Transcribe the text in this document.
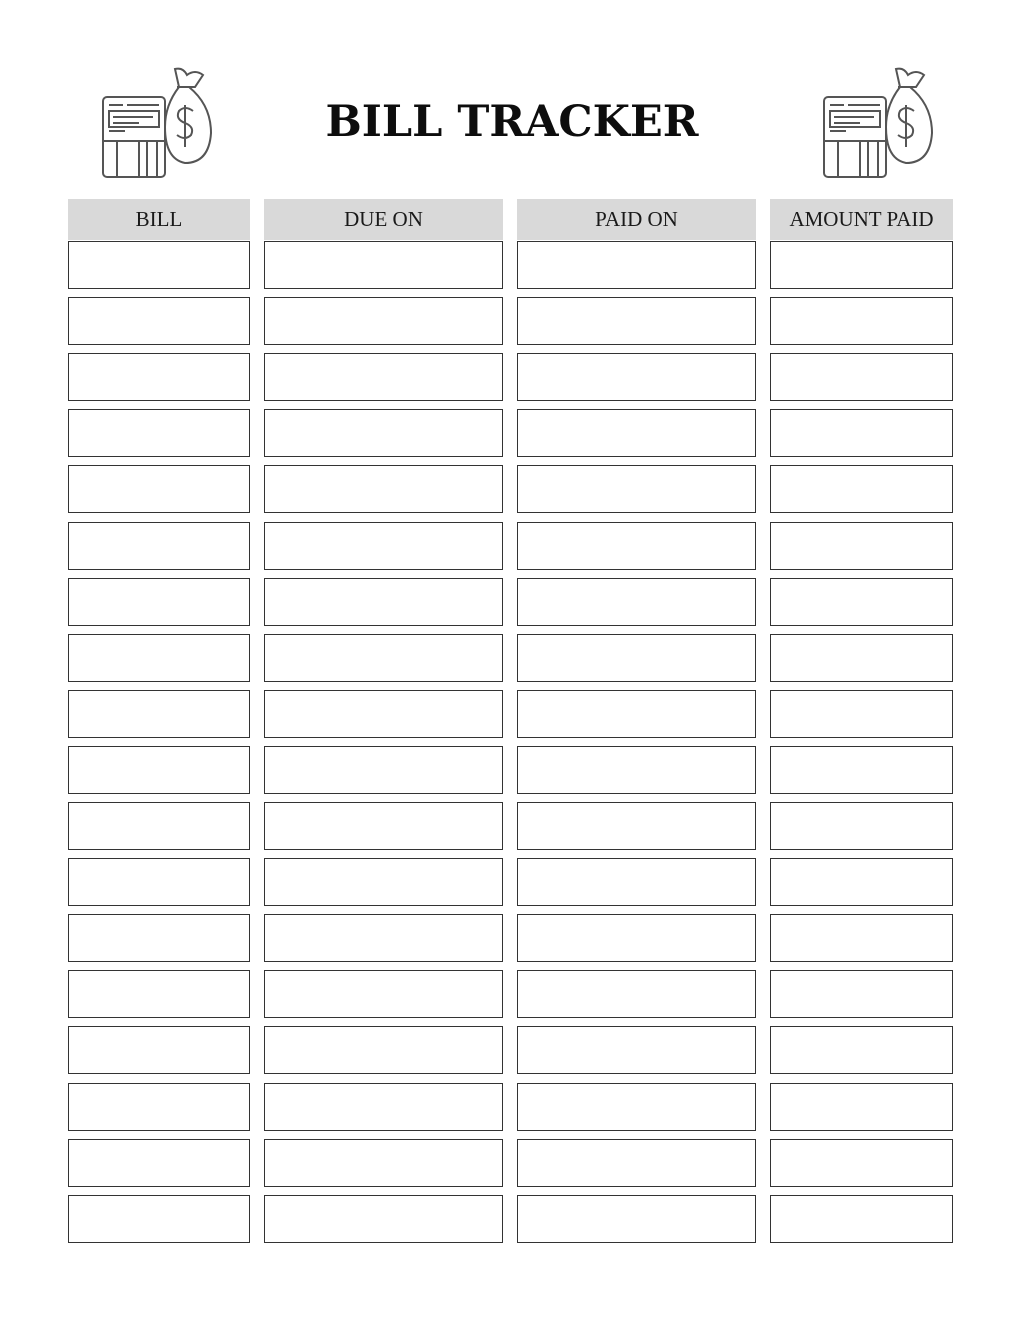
BILL TRACKER
BILL	DUE ON	PAID ON	AMOUNT PAID
